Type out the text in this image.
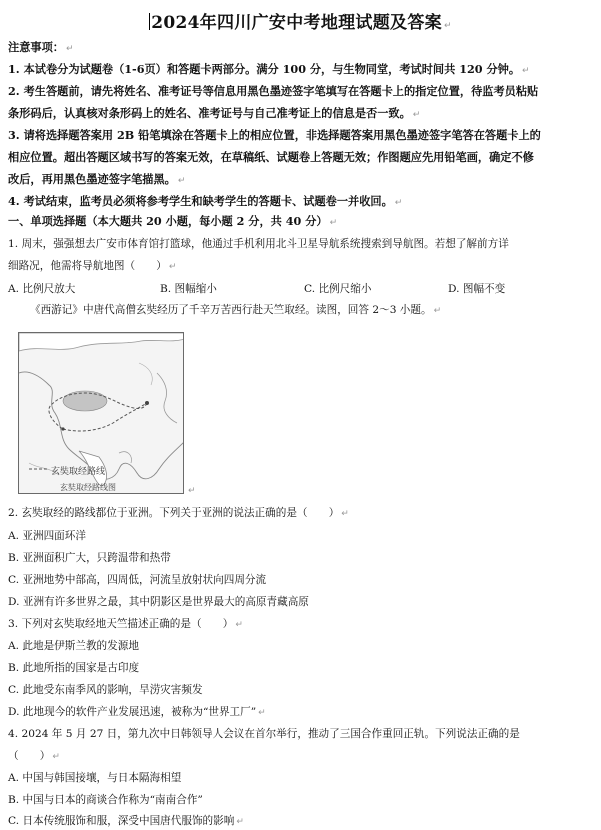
2024年四川广安中考地理试题及答案 ↵
注意事项： ↵
1. 本试卷分为试题卷（1-6页）和答题卡两部分。满分 100 分，与生物同堂，考试时间共 120 分钟。 ↵
2. 考生答题前，请先将姓名、准考证号等信息用黑色墨迹签字笔填写在答题卡上的指定位置，待监考员粘贴
条形码后，认真核对条形码上的姓名、准考证号与自己准考证上的信息是否一致。 ↵
3. 请将选择题答案用 2B 铅笔填涂在答题卡上的相应位置，非选择题答案用黑色墨迹签字笔答在答题卡上的
相应位置。超出答题区域书写的答案无效，在草稿纸、试题卷上答题无效；作图题应先用铅笔画，确定不修
改后，再用黑色墨迹签字笔描黑。 ↵
4. 考试结束，监考员必须将参考学生和缺考学生的答题卡、试题卷一并收回。 ↵
一、单项选择题（本大题共 20 小题，每小题 2 分，共 40 分） ↵
1. 周末，强强想去广安市体育馆打篮球，他通过手机利用北斗卫星导航系统搜索到导航图。若想了解前方详
细路况，他需将导航地图（　　） ↵
A. 比例尺放大	B. 图幅缩小	C. 比例尺缩小	D. 图幅不变
《西游记》中唐代高僧玄奘经历了千辛万苦西行赴天竺取经。读图，回答 2～3 小题。 ↵
玄奘取经路线
玄奘取经路线图	↵
2. 玄奘取经的路线都位于亚洲。下列关于亚洲的说法正确的是（　　） ↵
A. 亚洲四面环洋
B. 亚洲面积广大，只跨温带和热带
C. 亚洲地势中部高，四周低，河流呈放射状向四周分流
D. 亚洲有许多世界之最，其中阴影区是世界最大的高原青藏高原
3. 下列对玄奘取经地天竺描述正确的是（　　） ↵
A. 此地是伊斯兰教的发源地
B. 此地所指的国家是古印度
C. 此地受东南季风的影响，旱涝灾害频发
D. 此地现今的软件产业发展迅速，被称为“世界工厂” ↵
4. 2024 年 5 月 27 日，第九次中日韩领导人会议在首尔举行，推动了三国合作重回正轨。下列说法正确的是
（　　） ↵
A. 中国与韩国接壤，与日本隔海相望
B. 中国与日本的商谈合作称为“南南合作”
C. 日本传统服饰和服，深受中国唐代服饰的影响 ↵
